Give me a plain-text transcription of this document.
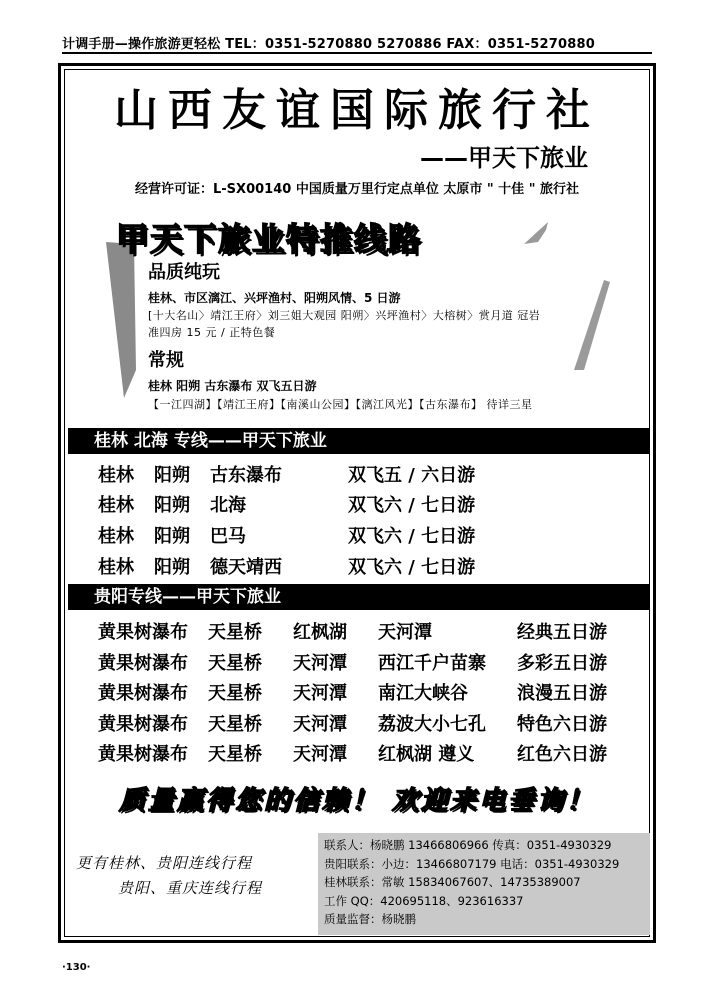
计调手册—操作旅游更轻松 TEL：0351-5270880 5270886 FAX：0351-5270880
山西友谊国际旅行社
——甲天下旅业
经营许可证：L-SX00140 中国质量万里行定点单位 太原市 " 十佳 " 旅行社
甲天下旅业特推线路
品质纯玩
桂林、市区漓江、兴坪渔村、阳朔风情、5 日游
[十大名山〉靖江王府〉刘三姐大观园 阳朔〉兴坪渔村〉大榕树〉赏月道 冠岩
准四房 15 元 / 正特色餐
常规
桂林 阳朔 古东瀑布 双飞五日游
【一江四湖】【靖江王府】【南溪山公园】【漓江风光】【古东瀑布】 待详三星
桂林 北海 专线——甲天下旅业
桂林 阳朔 古东瀑布	双飞五 / 六日游
桂林 阳朔 北海	双飞六 / 七日游
桂林 阳朔 巴马	双飞六 / 七日游
桂林 阳朔 德天靖西	双飞六 / 七日游
贵阳专线——甲天下旅业
黄果树瀑布 天星桥 红枫湖 天河潭	经典五日游
黄果树瀑布 天星桥 天河潭 西江千户苗寨 多彩五日游
黄果树瀑布 天星桥 天河潭 南江大峡谷	浪漫五日游
黄果树瀑布 天星桥 天河潭 荔波大小七孔 特色六日游
黄果树瀑布 天星桥 天河潭 红枫湖 遵义 红色六日游
质量赢得您的信赖！ 欢迎来电垂询！
更有桂林、贵阳连线行程
贵阳、重庆连线行程
联系人：杨晓鹏 13466806966 传真：0351-4930329
贵阳联系：小边：13466807179 电话：0351-4930329
桂林联系：常敏 15834067607、14735389007
工作 QQ：420695118、923616337
质量监督：杨晓鹏
·130·
